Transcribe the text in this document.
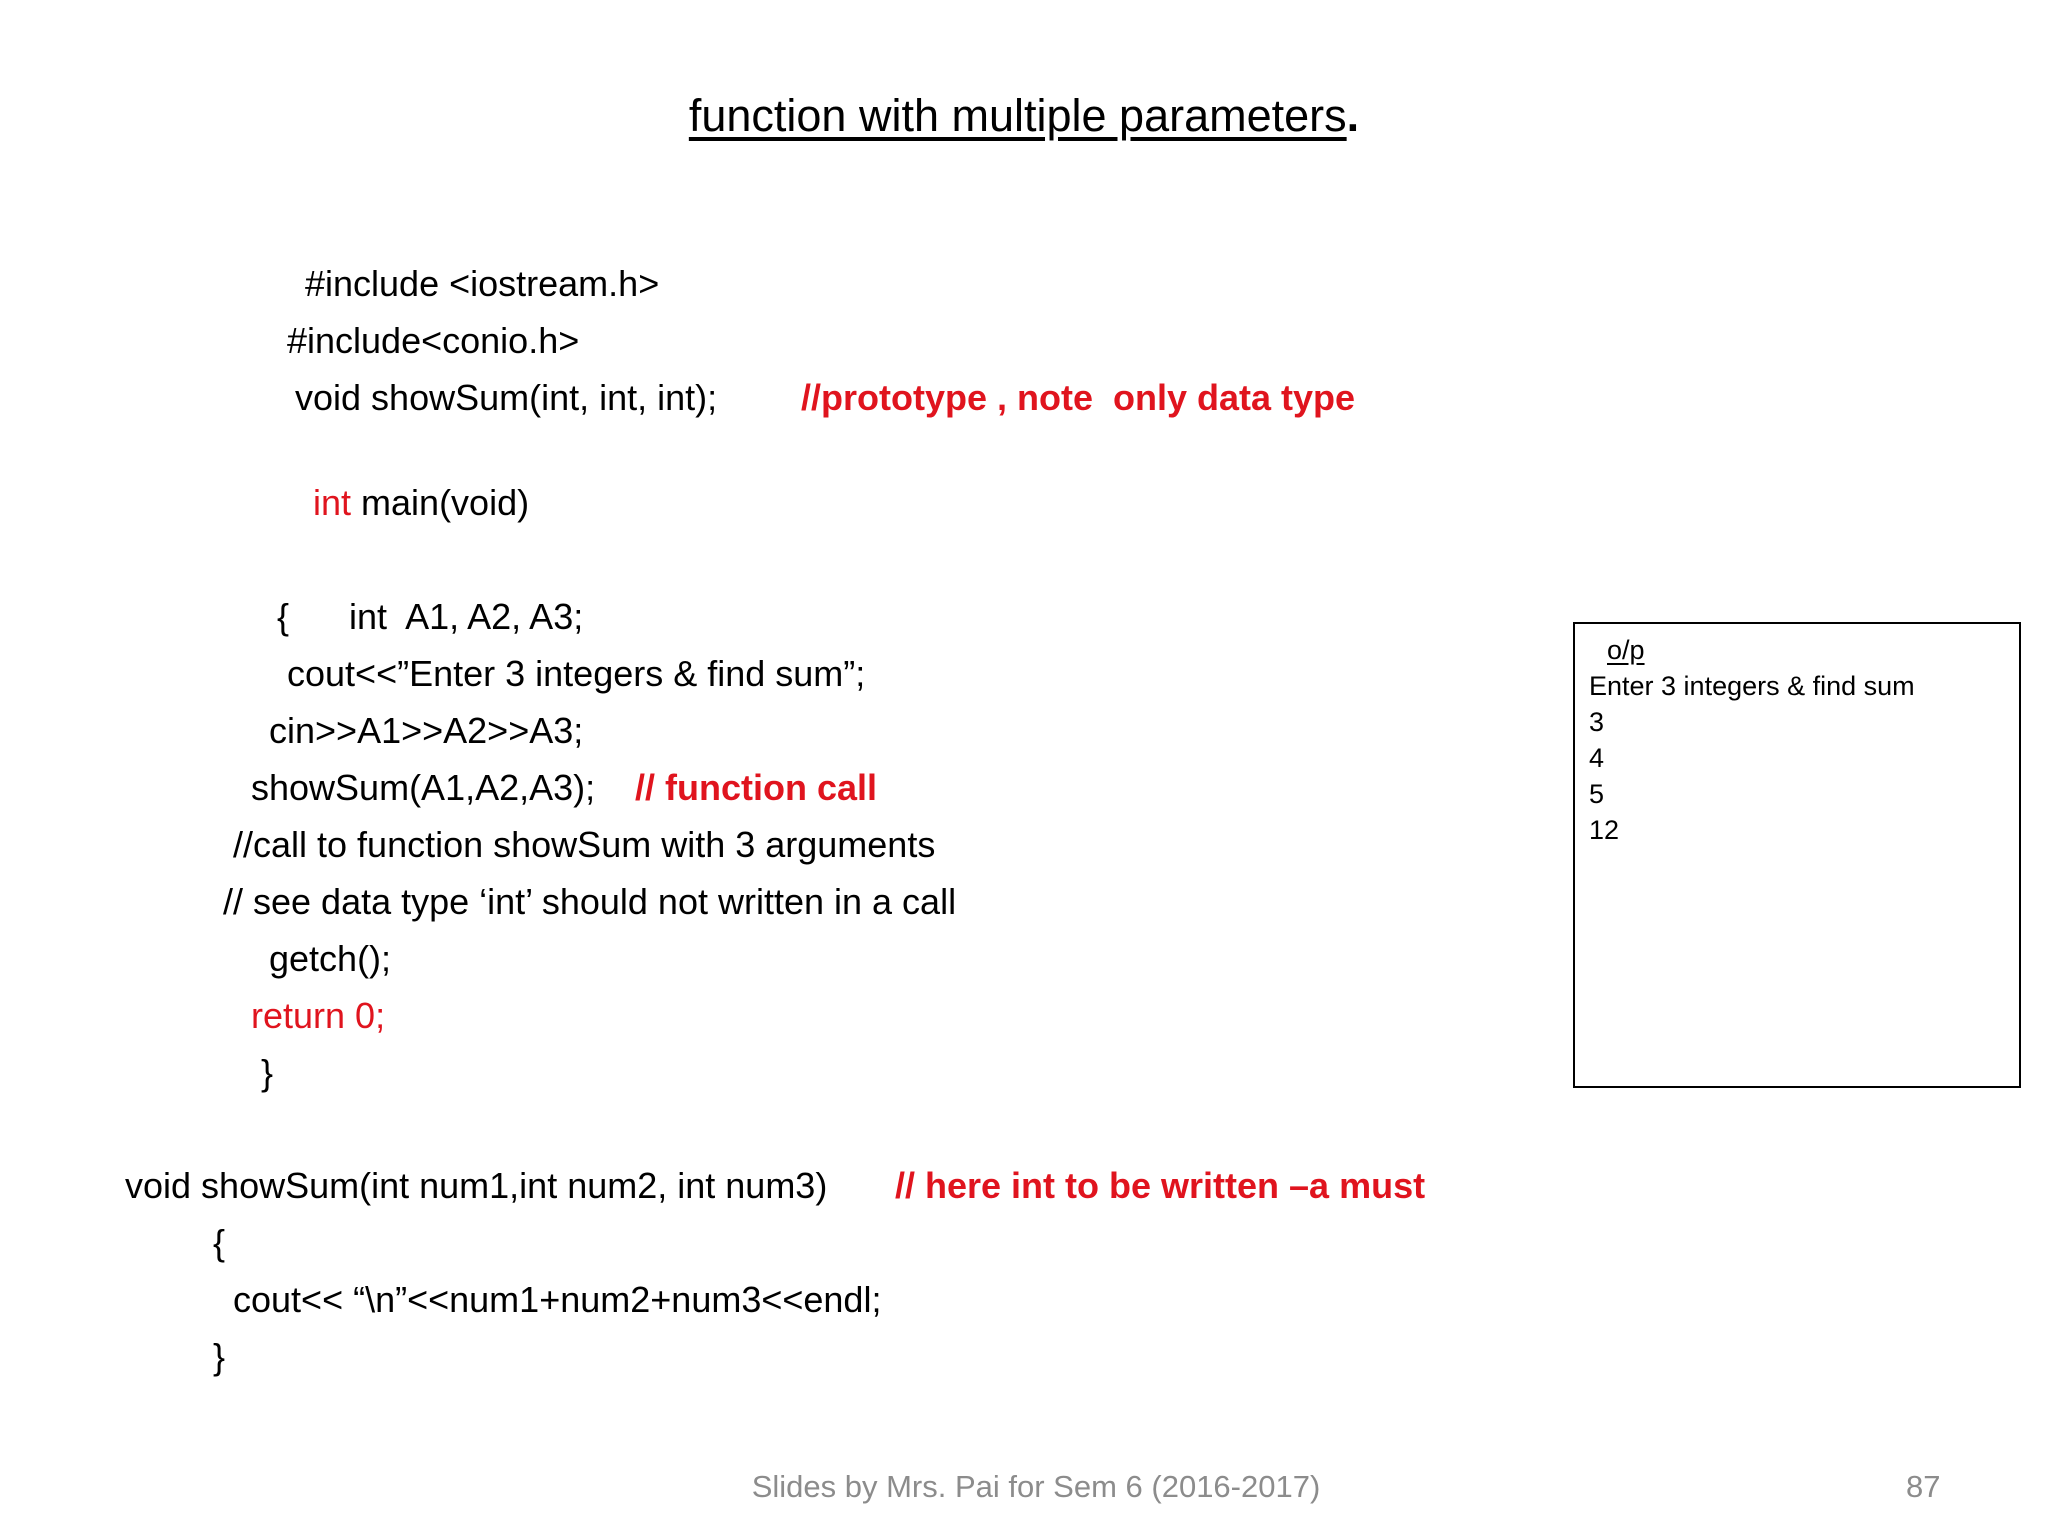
function with multiple parameters.
#include <iostream.h>
#include<conio.h>
void showSum(int, int, int); //prototype , note  only data type
int main(void)
{      int  A1, A2, A3;
cout<<”Enter 3 integers & find sum”;
cin>>A1>>A2>>A3;
showSum(A1,A2,A3); // function call
//call to function showSum with 3 arguments
// see data type ‘int’ should not written in a call
getch();
return 0;
}
void showSum(int num1,int num2, int num3) // here int to be written –a must
{
cout<< “\n”<<num1+num2+num3<<endl;
}
o/p
Enter 3 integers & find sum
3
4
5
12
Slides by Mrs. Pai for Sem 6 (2016-2017)	87
